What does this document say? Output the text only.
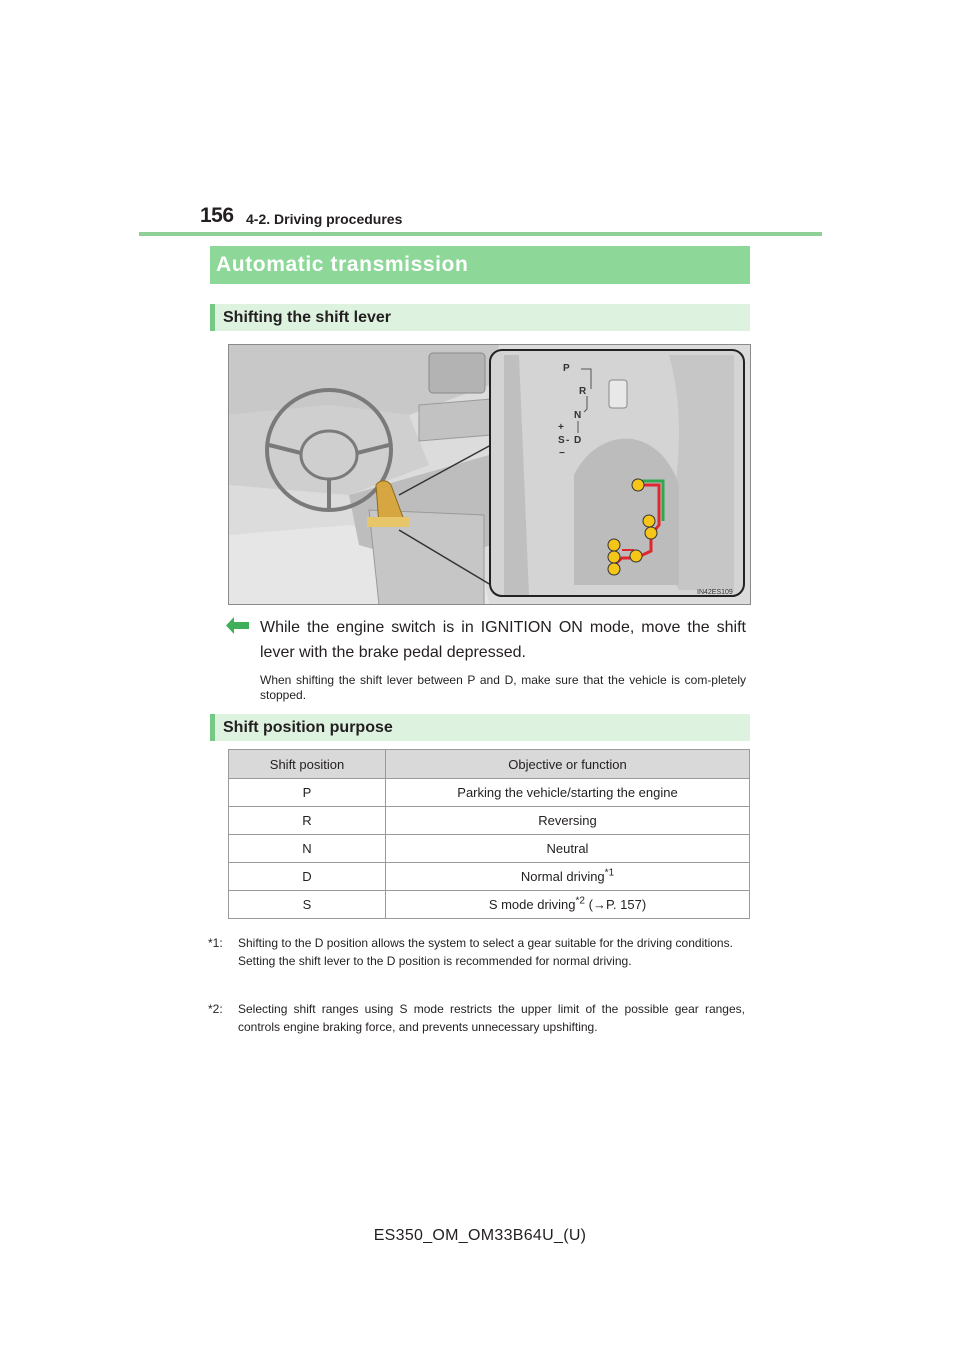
156 4-2. Driving procedures
Automatic transmission
Shifting the shift lever
P
R
N
+
S - D
−
IN42ES109
While the engine switch is in IGNITION ON mode, move the shift lever with the brake pedal depressed.
When shifting the shift lever between P and D, make sure that the vehicle is com-pletely stopped.
Shift position purpose
Shift position	Objective or function
P	Parking the vehicle/starting the engine
R	Reversing
N	Neutral
D	Normal driving$^{*1}$
S	S mode driving$^{*2}$ (→P. 157)
*1: Shifting to the D position allows the system to select a gear suitable for the driving conditions.
Setting the shift lever to the D position is recommended for normal driving.
*2: Selecting shift ranges using S mode restricts the upper limit of the possible gear ranges, controls engine braking force, and prevents unnecessary upshifting.
ES350_OM_OM33B64U_(U)
